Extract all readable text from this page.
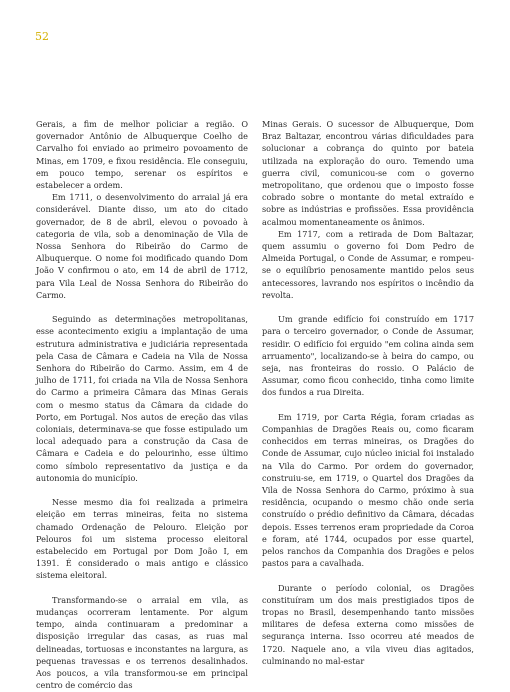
52

Gerais, a fim de melhor policiar a região. O governador Antônio de Albuquerque Coelho de Carvalho foi enviado ao primeiro povoamento de Minas, em 1709, e fixou residência. Ele conseguiu, em pouco tempo, serenar os espíritos e estabelecer a ordem.

Em 1711, o desenvolvimento do arraial já era considerável. Diante disso, um ato do citado governador, de 8 de abril, elevou o povoado à categoria de vila, sob a denominação de Vila de Nossa Senhora do Ribeirão do Carmo de Albuquerque. O nome foi modificado quando Dom João V confirmou o ato, em 14 de abril de 1712, para Vila Leal de Nossa Senhora do Ribeirão do Carmo.

Seguindo as determinações metropolitanas, esse acontecimento exigiu a implantação de uma estrutura administrativa e judiciária representada pela Casa de Câmara e Cadeia na Vila de Nossa Senhora do Ribeirão do Carmo. Assim, em 4 de julho de 1711, foi criada na Vila de Nossa Senhora do Carmo a primeira Câmara das Minas Gerais com o mesmo status da Câmara da cidade do Porto, em Portugal. Nos autos de ereção das vilas coloniais, determinava-se que fosse estipulado um local adequado para a construção da Casa de Câmara e Cadeia e do pelourinho, esse último como símbolo representativo da justiça e da autonomia do município.

Nesse mesmo dia foi realizada a primeira eleição em terras mineiras, feita no sistema chamado Ordenação de Pelouro. Eleição por Pelouros foi um sistema processo eleitoral estabelecido em Portugal por Dom João I, em 1391. É considerado o mais antigo e clássico sistema eleitoral.

Transformando-se o arraial em vila, as mudanças ocorreram lentamente. Por algum tempo, ainda continuaram a predominar a disposição irregular das casas, as ruas mal delineadas, tortuosas e inconstantes na largura, as pequenas travessas e os terrenos desalinhados. Aos poucos, a vila transformou-se em principal centro de comércio das

Minas Gerais. O sucessor de Albuquerque, Dom Braz Baltazar, encontrou várias dificuldades para solucionar a cobrança do quinto por bateia utilizada na exploração do ouro. Temendo uma guerra civil, comunicou-se com o governo metropolitano, que ordenou que o imposto fosse cobrado sobre o montante do metal extraído e sobre as indústrias e profissões. Essa providência acalmou momentaneamente os ânimos.

Em 1717, com a retirada de Dom Baltazar, quem assumiu o governo foi Dom Pedro de Almeida Portugal, o Conde de Assumar, e rompeu-se o equilíbrio penosamente mantido pelos seus antecessores, lavrando nos espíritos o incêndio da revolta.

Um grande edifício foi construído em 1717 para o terceiro governador, o Conde de Assumar, residir. O edifício foi erguido "em colina ainda sem arruamento", localizando-se à beira do campo, ou seja, nas fronteiras do rossio. O Palácio de Assumar, como ficou conhecido, tinha como limite dos fundos a rua Direita.

Em 1719, por Carta Régia, foram criadas as Companhias de Dragões Reais ou, como ficaram conhecidos em terras mineiras, os Dragões do Conde de Assumar, cujo núcleo inicial foi instalado na Vila do Carmo. Por ordem do governador, construiu-se, em 1719, o Quartel dos Dragões da Vila de Nossa Senhora do Carmo, próximo à sua residência, ocupando o mesmo chão onde seria construído o prédio definitivo da Câmara, décadas depois. Esses terrenos eram propriedade da Coroa e foram, até 1744, ocupados por esse quartel, pelos ranchos da Companhia dos Dragões e pelos pastos para a cavalhada.

Durante o período colonial, os Dragões constituíram um dos mais prestigiados tipos de tropas no Brasil, desempenhando tanto missões militares de defesa externa como missões de segurança interna. Isso ocorreu até meados de 1720. Naquele ano, a vila viveu dias agitados, culminando no mal-estar
